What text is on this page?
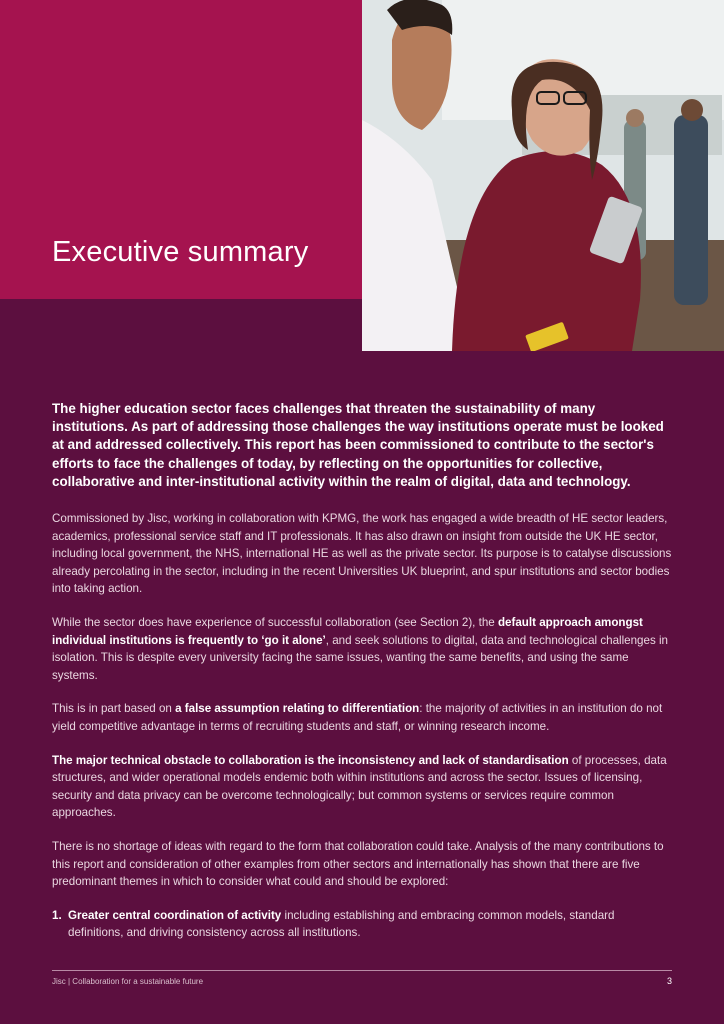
Executive summary

The higher education sector faces challenges that threaten the sustainability of many institutions. As part of addressing those challenges the way institutions operate must be looked at and addressed collectively. This report has been commissioned to contribute to the sector's efforts to face the challenges of today, by reflecting on the opportunities for collective, collaborative and inter-institutional activity within the realm of digital, data and technology.

Commissioned by Jisc, working in collaboration with KPMG, the work has engaged a wide breadth of HE sector leaders, academics, professional service staff and IT professionals. It has also drawn on insight from outside the UK HE sector, including local government, the NHS, international HE as well as the private sector. Its purpose is to catalyse discussions already percolating in the sector, including in the recent Universities UK blueprint, and spur institutions and sector bodies into taking action.

While the sector does have experience of successful collaboration (see Section 2), the default approach amongst individual institutions is frequently to ‘go it alone’, and seek solutions to digital, data and technological challenges in isolation. This is despite every university facing the same issues, wanting the same benefits, and using the same systems.

This is in part based on a false assumption relating to differentiation: the majority of activities in an institution do not yield competitive advantage in terms of recruiting students and staff, or winning research income.

The major technical obstacle to collaboration is the inconsistency and lack of standardisation of processes, data structures, and wider operational models endemic both within institutions and across the sector. Issues of licensing, security and data privacy can be overcome technologically; but common systems or services require common approaches.

There is no shortage of ideas with regard to the form that collaboration could take. Analysis of the many contributions to this report and consideration of other examples from other sectors and internationally has shown that there are five predominant themes in which to consider what could and should be explored:

1. Greater central coordination of activity including establishing and embracing common models, standard definitions, and driving consistency across all institutions.
Jisc | Collaboration for a sustainable future	3
